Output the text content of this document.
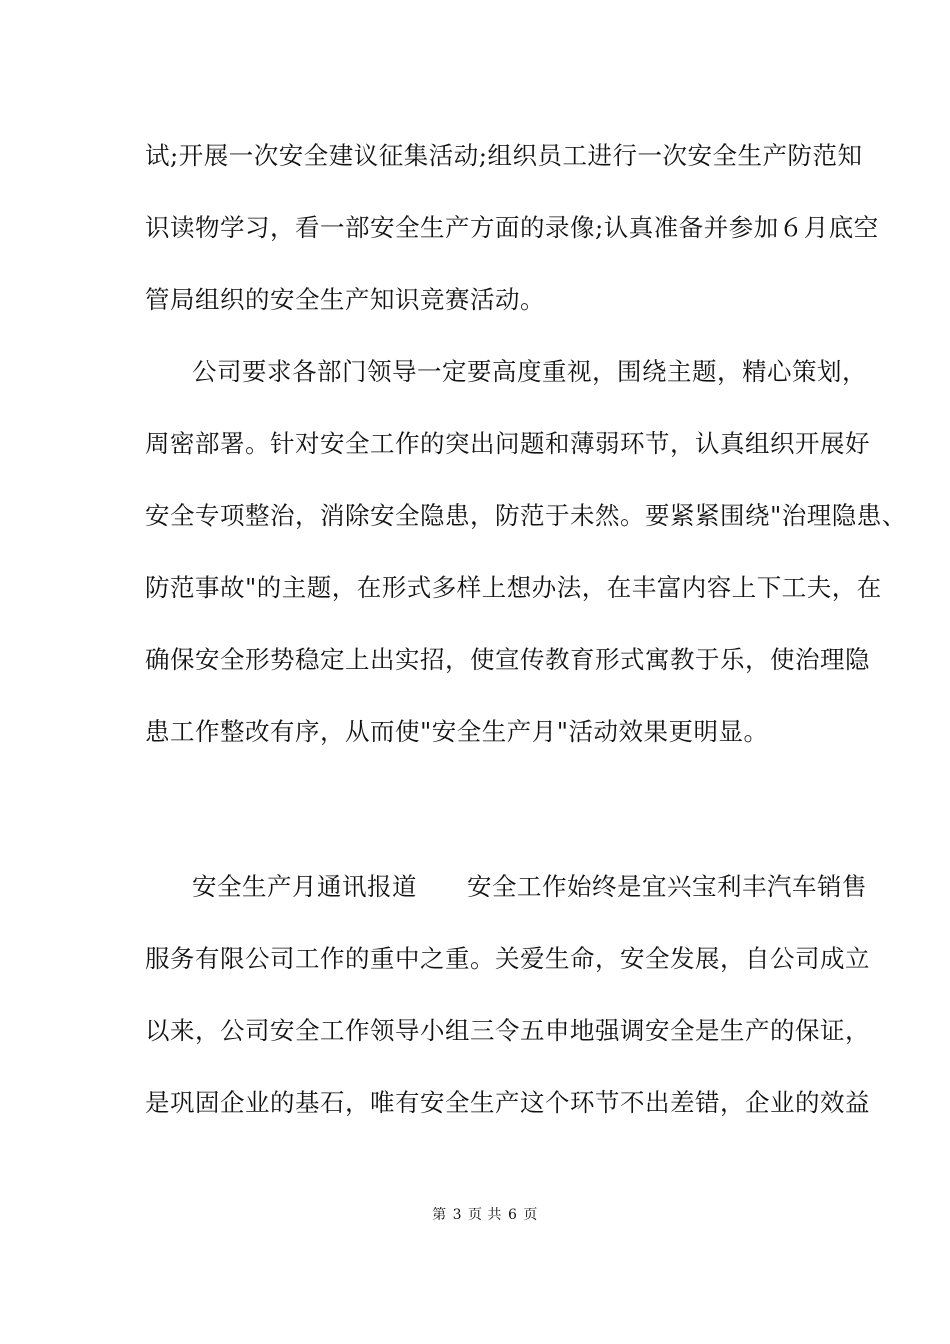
试;开展一次安全建议征集活动;组织员工进行一次安全生产防范知
识读物学习，看一部安全生产方面的录像;认真准备并参加６月底空
管局组织的安全生产知识竞赛活动。
公司要求各部门领导一定要高度重视，围绕主题，精心策划，
周密部署。针对安全工作的突出问题和薄弱环节，认真组织开展好
安全专项整治，消除安全隐患，防范于未然。要紧紧围绕"治理隐患、
防范事故"的主题，在形式多样上想办法，在丰富内容上下工夫，在
确保安全形势稳定上出实招，使宣传教育形式寓教于乐，使治理隐
患工作整改有序，从而使"安全生产月"活动效果更明显。
安全生产月通讯报道　　安全工作始终是宜兴宝利丰汽车销售
服务有限公司工作的重中之重。关爱生命，安全发展，自公司成立
以来，公司安全工作领导小组三令五申地强调安全是生产的保证，
是巩固企业的基石，唯有安全生产这个环节不出差错，企业的效益
第 3 页 共 6 页
